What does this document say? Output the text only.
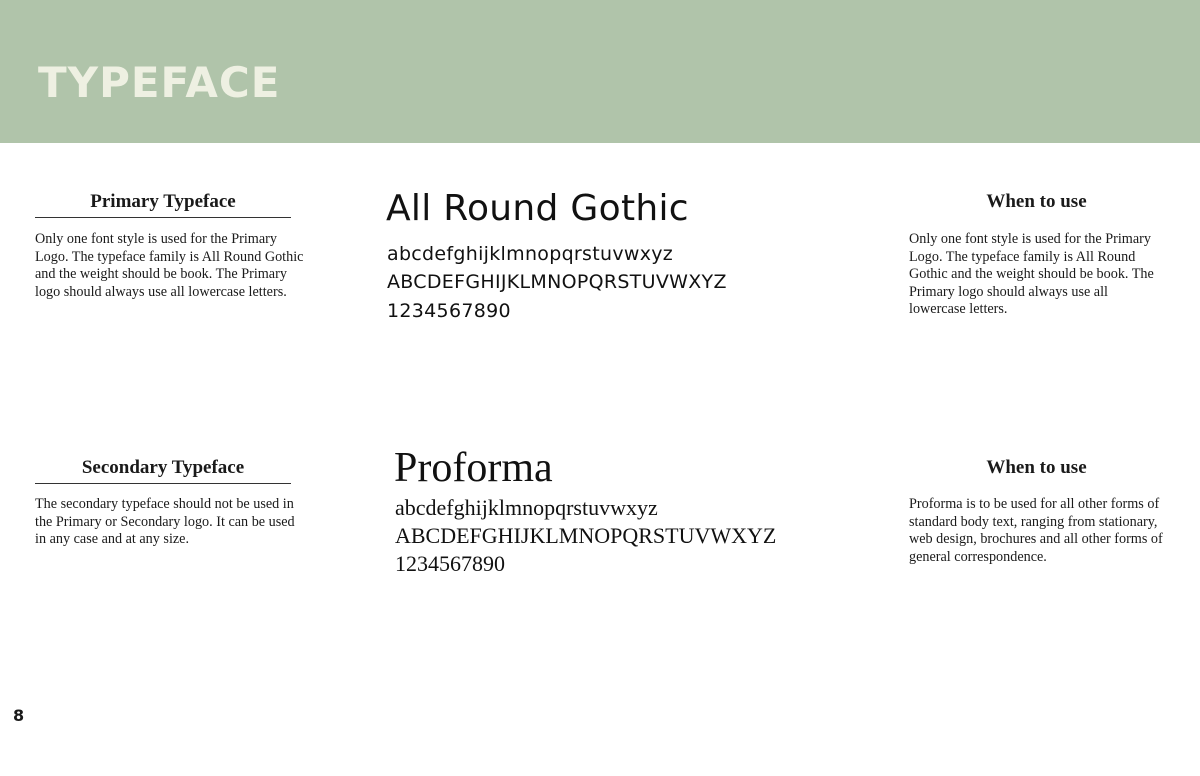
TYPEFACE
Primary Typeface

Only one font style is used for the Primary Logo. The typeface family is All Round Gothic and the weight should be book. The Primary logo should always use all lowercase letters.

All Round Gothic

abcdefghijklmnopqrstuvwxyz

ABCDEFGHIJKLMNOPQRSTUVWXYZ

1234567890

When to use

Only one font style is used for the Primary Logo. The typeface family is All Round Gothic and the weight should be book. The Primary logo should always use all lowercase letters.

Secondary Typeface

The secondary typeface should not be used in the Primary or Secondary logo. It can be used in any case and at any size.

Proforma

abcdefghijklmnopqrstuvwxyz

ABCDEFGHIJKLMNOPQRSTUVWXYZ

1234567890

When to use

Proforma is to be used for all other forms of standard body text, ranging from stationary, web design, brochures and all other forms of general correspondence.

8
